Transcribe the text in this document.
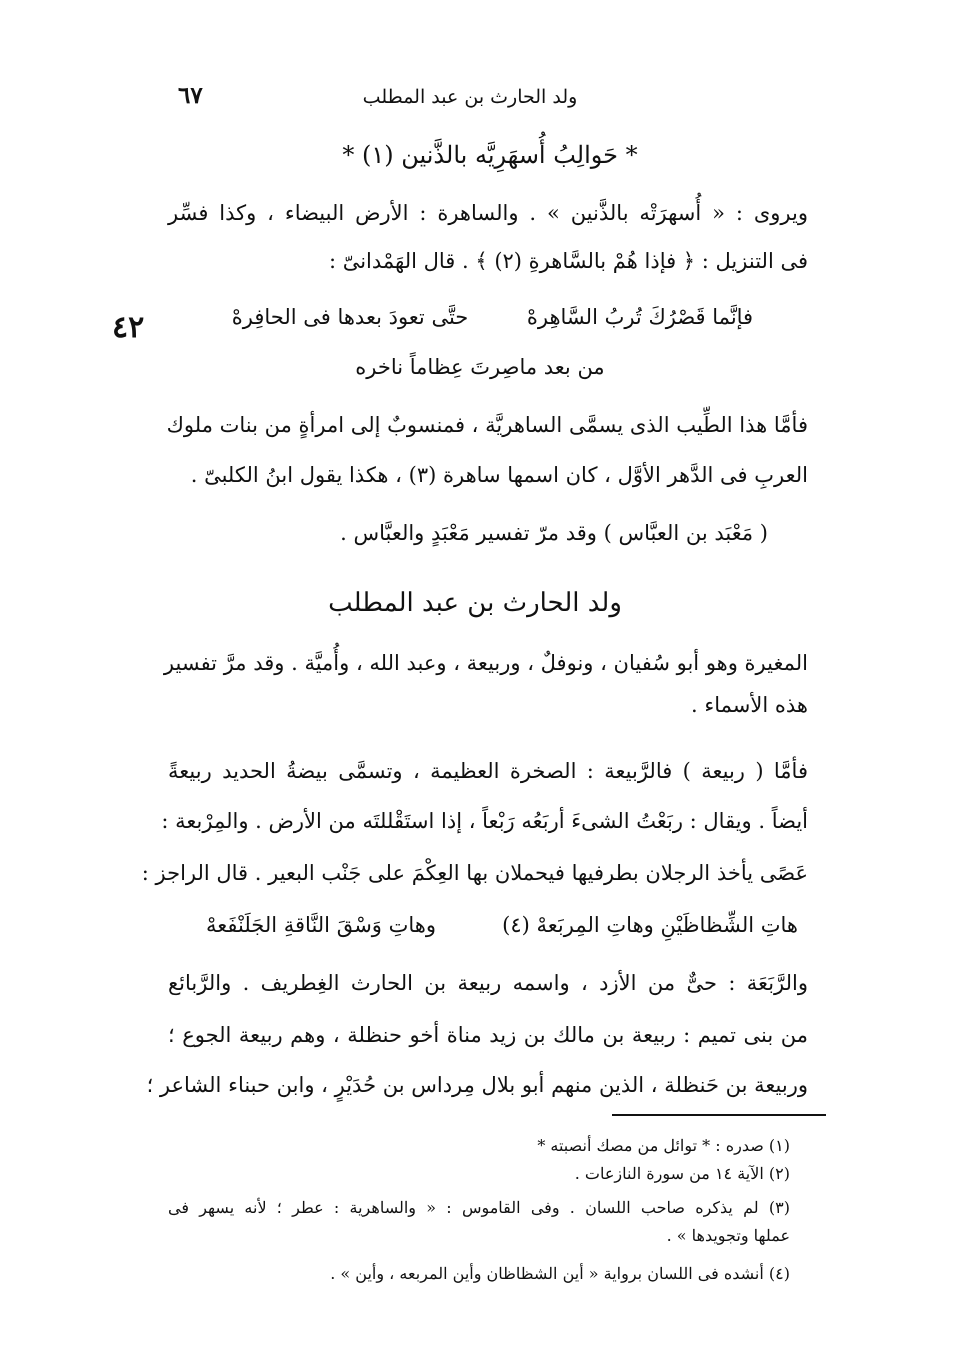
ولد الحارث بن عبد المطلب
٦٧
٤٢
* حَوالِبُ أُسهَرِيَّه بالذَّنين (١) *
ويروى : « أُسهرَتْه بالذَّنين » . والساهرة : الأرض البيضاء ، وكذا فسِّر
فى التنزيل : ﴿ فإذا هُمْ بالسَّاهرةِ (٢) ﴾ . قال الهَمْدانىّ :
فإنَّما قَصْرُكَ تُربُ السَّاهِرهْ
حتَّى تعودَ بعدها فى الحافِرهْ
من بعد ماصِرتَ عِظاماً ناخره
فأمَّا هذا الطِّيب الذى يسمَّى الساهريَّة ، فمنسوبٌ إلى امرأةٍ من بنات ملوك
العربِ فى الدَّهر الأوَّل ، كان اسمها ساهرة (٣) ، هكذا يقول ابنُ الكلبىّ .
( مَعْبَد بن العبَّاس ) وقد مرّ تفسير مَعْبَدٍ والعبَّاس .
ولد الحارث بن عبد المطلب
المغيرة وهو أبو سُفيان ، ونوفلٌ ، وربيعة ، وعبد الله ، وأُميَّة . وقد مرَّ تفسير
هذه الأسماء .
فأمَّا ( ربيعة ) فالرَّبيعة : الصخرة العظيمة ، وتسمَّى بيضةُ الحديد ربيعةً
أيضاً . ويقال : ربَعْتُ الشىءَ أربَعُه رَبْعاً ، إذا استَقْللتَه من الأرض . والمِرْبعة :
عَصًى يأخذ الرجلان بطرفيها فيحملان بها العِكْمَ على جَنْب البعير . قال الراجز :
هاتِ الشِّظاظَيْنِ وهاتِ المِربَعهْ (٤)
وهاتِ وَسْقَ النَّاقةِ الجَلَنْفَعهْ
والرَّبَعَة : حىٌّ من الأزد ، واسمه ربيعة بن الحارث الغِطريف . والرَّبائع
من بنى تميم : ربيعة بن مالك بن زيد مناة أخو حنظلة ، وهم ربيعة الجوع ؛
وربيعة بن حَنظلة ، الذين منهم أبو بلال مِرداس بن حُدَيْرٍ ، وابن حبناء الشاعر ؛
(١) صدره : * توائل من مصك أنصبته *
(٢) الآية ١٤ من سورة النازعات .
(٣) لم يذكره صاحب اللسان . وفى القاموس : « والساهرية : عطر ؛ لأنه يسهر فى
عملها وتجويدها » .
(٤) أنشده فى اللسان برواية « أين الشظاظان وأين المربعه ، وأين » .
